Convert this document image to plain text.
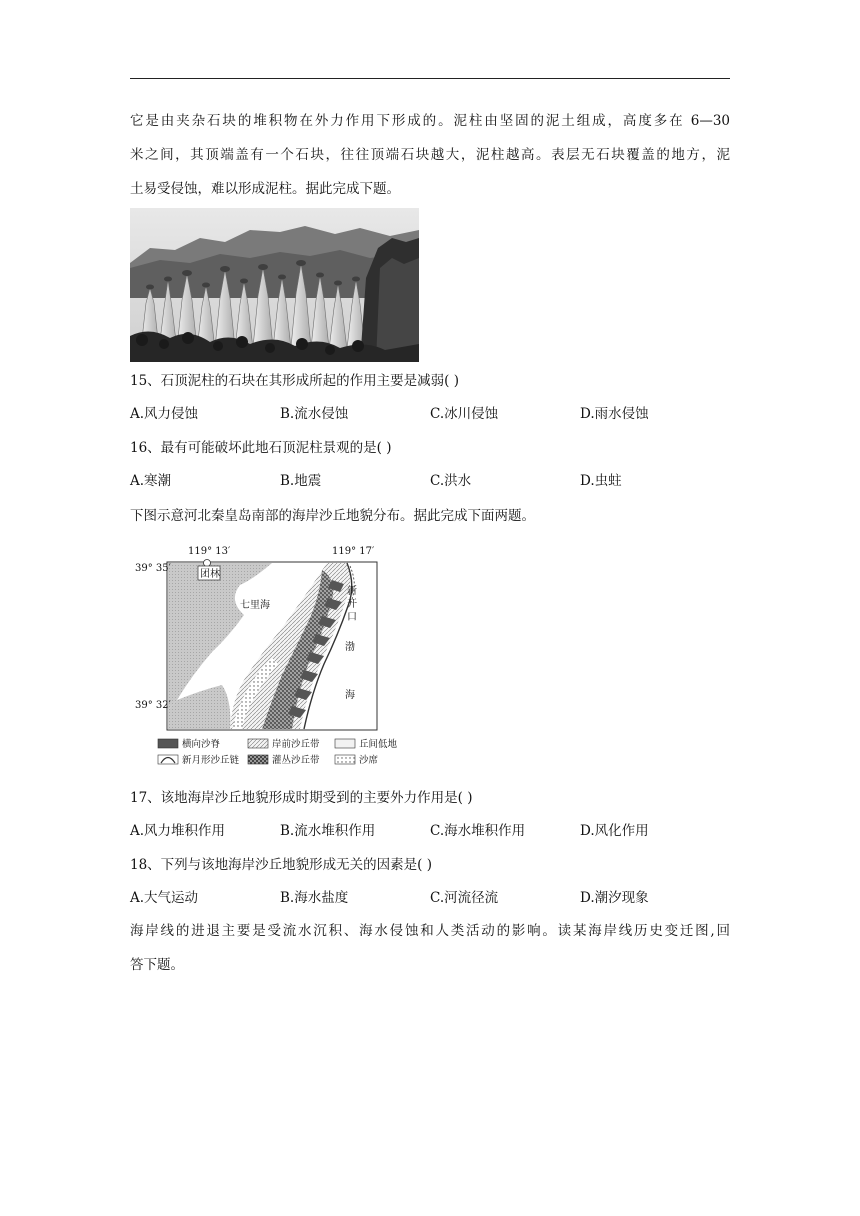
它是由夹杂石块的堆积物在外力作用下形成的。泥柱由坚固的泥土组成，高度多在 6—30
米之间，其顶端盖有一个石块，往往顶端石块越大，泥柱越高。表层无石块覆盖的地方，泥
土易受侵蚀，难以形成泥柱。据此完成下题。
15、石顶泥柱的石块在其形成所起的作用主要是减弱( )
A.风力侵蚀	B.流水侵蚀	C.冰川侵蚀	D.雨水侵蚀
16、最有可能破坏此地石顶泥柱景观的是( )
A.寒潮	B.地震	C.洪水	D.虫蛀
下图示意河北秦皇岛南部的海岸沙丘地貌分布。据此完成下面两题。
团林
119° 13′	119° 17′
39° 35′
39° 32′
七里海
新
开
口
渤
海
横向沙脊	岸前沙丘带	丘间低地
新月形沙丘链	灌丛沙丘带	沙席
17、该地海岸沙丘地貌形成时期受到的主要外力作用是( )
A.风力堆积作用	B.流水堆积作用	C.海水堆积作用	D.风化作用
18、下列与该地海岸沙丘地貌形成无关的因素是( )
A.大气运动	B.海水盐度	C.河流径流	D.潮汐现象
海岸线的进退主要是受流水沉积、海水侵蚀和人类活动的影响。读某海岸线历史变迁图,回
答下题。
